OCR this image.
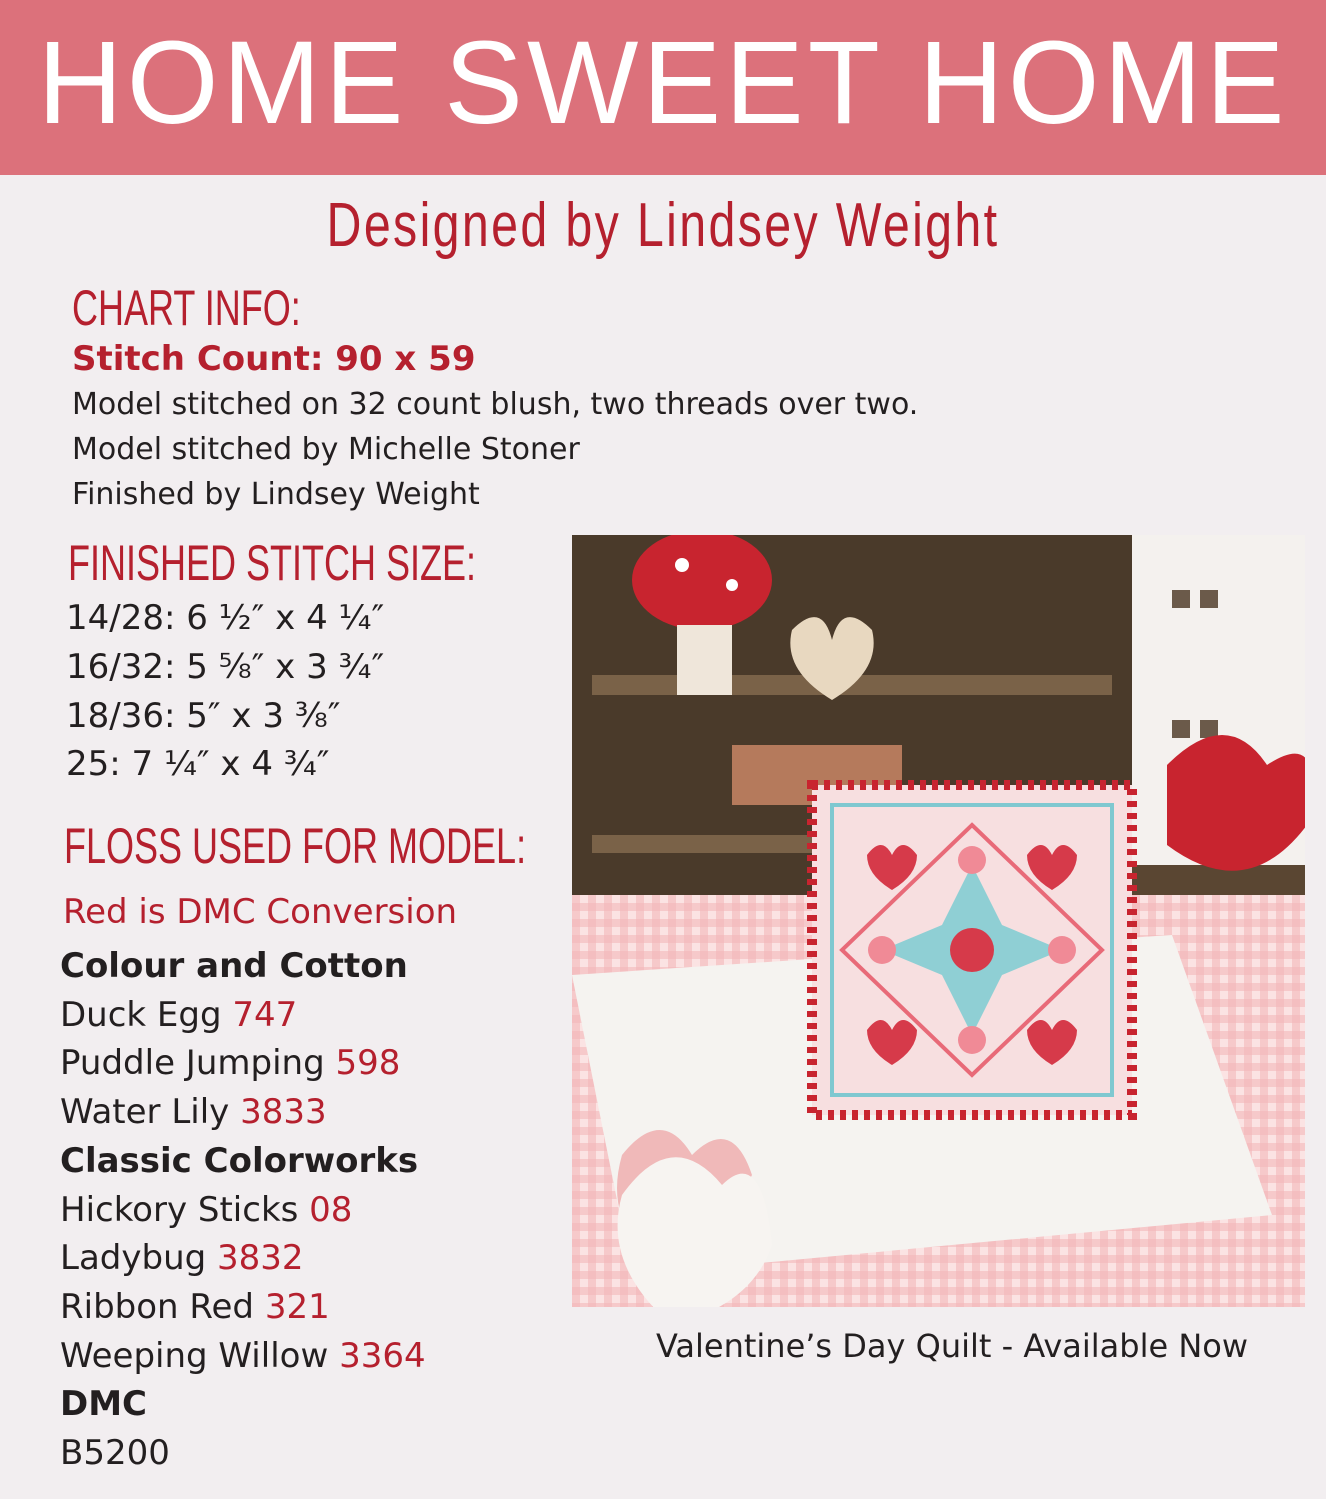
HOME SWEET HOME
Designed by Lindsey Weight
CHART INFO:
Stitch Count: 90 x 59
Model stitched on 32 count blush, two threads over two.
Model stitched by Michelle Stoner
Finished by Lindsey Weight
FINISHED STITCH SIZE:
14/28: 6 ½″ x 4 ¼″
16/32: 5 ⅝″ x 3 ¾″
18/36: 5″ x 3 ⅜″
25: 7 ¼″ x 4 ¾″
FLOSS USED FOR MODEL:
Red is DMC Conversion
Colour and Cotton
Duck Egg 747
Puddle Jumping 598
Water Lily 3833
Classic Colorworks
Hickory Sticks 08
Ladybug 3832
Ribbon Red 321
Weeping Willow 3364
DMC
B5200
Valentine’s Day Quilt - Available Now
